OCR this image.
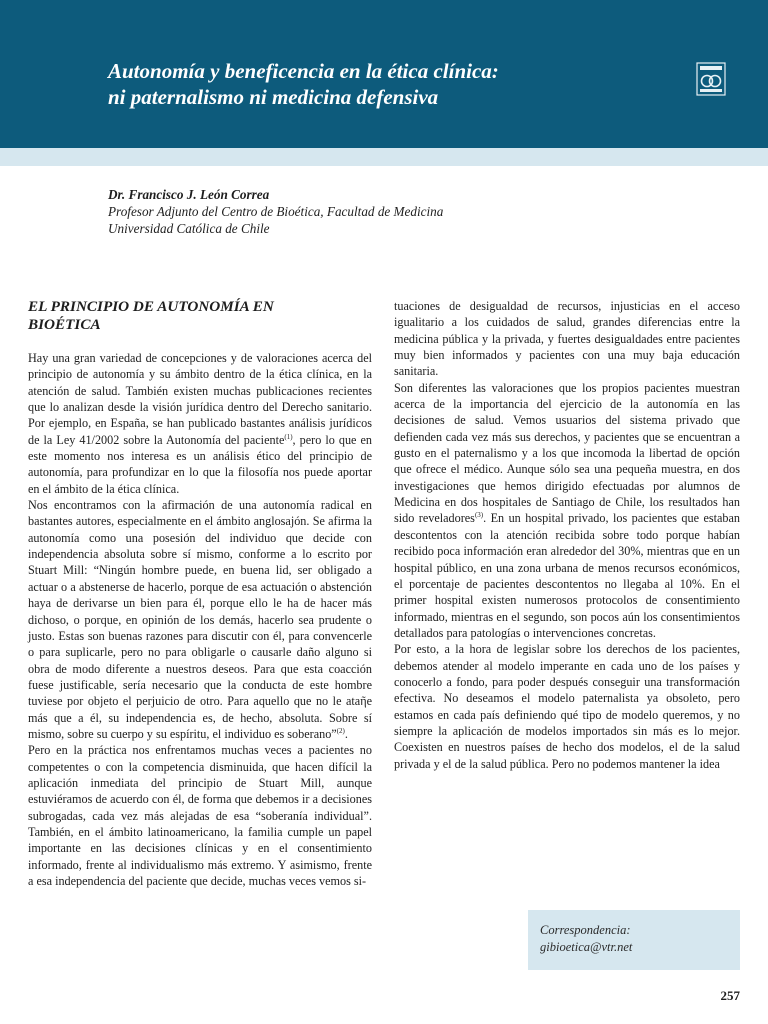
Autonomía y beneficencia en la ética clínica:
ni paternalismo ni medicina defensiva
Dr. Francisco J. León Correa
Profesor Adjunto del Centro de Bioética, Facultad de Medicina
Universidad Católica de Chile
EL PRINCIPIO DE AUTONOMÍA EN
BIOÉTICA

Hay una gran variedad de concepciones y de valoraciones acerca del principio de autonomía y su ámbito dentro de la ética clínica, en la atención de salud. También existen muchas publicaciones recientes que lo analizan desde la visión jurídica dentro del Derecho sanitario. Por ejemplo, en España, se han publicado bastantes análisis jurídicos de la Ley 41/2002 sobre la Autonomía del paciente$^{(1)}$, pero lo que en este momento nos interesa es un análisis ético del principio de autonomía, para profundizar en lo que la filosofía nos puede aportar en el ámbito de la ética clínica.

Nos encontramos con la afirmación de una autonomía radical en bastantes autores, especialmente en el ámbito anglosajón. Se afirma la autonomía como una posesión del individuo que decide con independencia absoluta sobre sí mismo, conforme a lo escrito por Stuart Mill: “Ningún hombre puede, en buena lid, ser obligado a actuar o a abstenerse de hacerlo, porque de esa actuación o abstención haya de derivarse un bien para él, porque ello le ha de hacer más dichoso, o porque, en opinión de los demás, hacerlo sea prudente o justo. Estas son buenas razones para discutir con él, para convencerle o para suplicarle, pero no para obligarle o causarle daño alguno si obra de modo diferente a nuestros deseos. Para que esta coacción fuese justificable, sería necesario que la conducta de este hombre tuviese por objeto el perjuicio de otro. Para aquello que no le ataῆe más que a él, su independencia es, de hecho, absoluta. Sobre sí mismo, sobre su cuerpo y su espíritu, el individuo es soberano”$^{(2)}$.

Pero en la práctica nos enfrentamos muchas veces a pacientes no competentes o con la competencia disminuida, que hacen difícil la aplicación inmediata del principio de Stuart Mill, aunque estuviéramos de acuerdo con él, de forma que debemos ir a decisiones subrogadas, cada vez más alejadas de esa “soberanía individual”. También, en el ámbito latinoamericano, la familia cumple un papel importante en las decisiones clínicas y en el consentimiento informado, frente al individualismo más extremo. Y asimismo, frente a esa independencia del paciente que decide, muchas veces vemos si-

tuaciones de desigualdad de recursos, injusticias en el acceso igualitario a los cuidados de salud, grandes diferencias entre la medicina pública y la privada, y fuertes desigualdades entre pacientes muy bien informados y pacientes con una muy baja educación sanitaria.

Son diferentes las valoraciones que los propios pacientes muestran acerca de la importancia del ejercicio de la autonomía en las decisiones de salud. Vemos usuarios del sistema privado que defienden cada vez más sus derechos, y pacientes que se encuentran a gusto en el paternalismo y a los que incomoda la libertad de opción que ofrece el médico. Aunque sólo sea una pequeña muestra, en dos investigaciones que hemos dirigido efectuadas por alumnos de Medicina en dos hospitales de Santiago de Chile, los resultados han sido reveladores$^{(3)}$. En un hospital privado, los pacientes que estaban descontentos con la atención recibida sobre todo porque habían recibido poca información eran alrededor del 30%, mientras que en un hospital público, en una zona urbana de menos recursos económicos, el porcentaje de pacientes descontentos no llegaba al 10%. En el primer hospital existen numerosos protocolos de consentimiento informado, mientras en el segundo, son pocos aún los consentimientos detallados para patologías o intervenciones concretas.

Por esto, a la hora de legislar sobre los derechos de los pacientes, debemos atender al modelo imperante en cada uno de los países y conocerlo a fondo, para poder después conseguir una transformación efectiva. No deseamos el modelo paternalista ya obsoleto, pero estamos en cada país definiendo qué tipo de modelo queremos, y no siempre la aplicación de modelos importados sin más es lo mejor. Coexisten en nuestros países de hecho dos modelos, el de la salud privada y el de la salud pública. Pero no podemos mantener la idea

Correspondencia:
gibioetica@vtr.net
257
